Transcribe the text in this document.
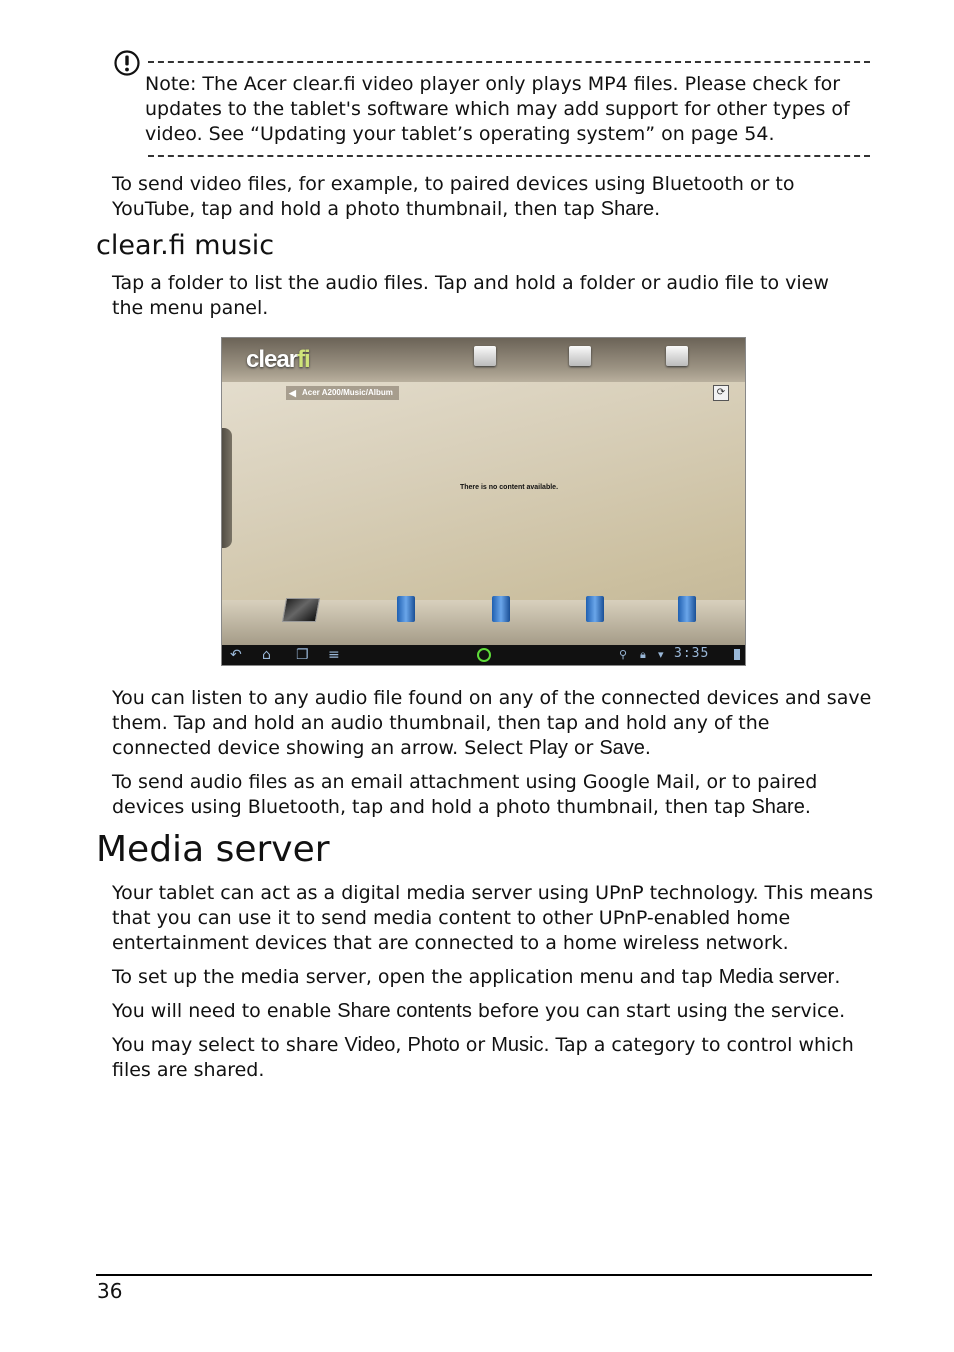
Note: The Acer clear.fi video player only plays MP4 files. Please check for

updates to the tablet's software which may add support for other types of

video. See “Updating your tablet’s operating system” on page 54.

To send video files, for example, to paired devices using Bluetooth or to

YouTube, tap and hold a photo thumbnail, then tap Share.

clear.fi music

Tap a folder to list the audio files. Tap and hold a folder or audio file to view

the menu panel.

clearfi
◀ Acer A200/Music/Album	⟳
There is no content available.
↶ ⌂ ❐ ≡	⚲ 🔒︎ ▾ 3:35

You can listen to any audio file found on any of the connected devices and save

them. Tap and hold an audio thumbnail, then tap and hold any of the

connected device showing an arrow. Select Play or Save.

To send audio files as an email attachment using Google Mail, or to paired

devices using Bluetooth, tap and hold a photo thumbnail, then tap Share.

Media server

Your tablet can act as a digital media server using UPnP technology. This means

that you can use it to send media content to other UPnP-enabled home

entertainment devices that are connected to a home wireless network.

To set up the media server, open the application menu and tap Media server.

You will need to enable Share contents before you can start using the service.

You may select to share Video, Photo or Music. Tap a category to control which

files are shared.

36
